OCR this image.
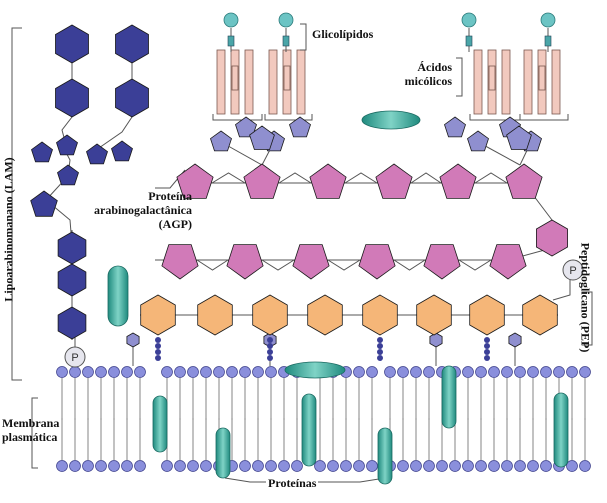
P
P
Glicolípidos
Ácidos
micólicos
Proteína
arabinogalactânica
(AGP)
Lipoarabinomanano (LAM)	Peptidoglicano (PEP)
Membrana
plasmática
Proteínas
